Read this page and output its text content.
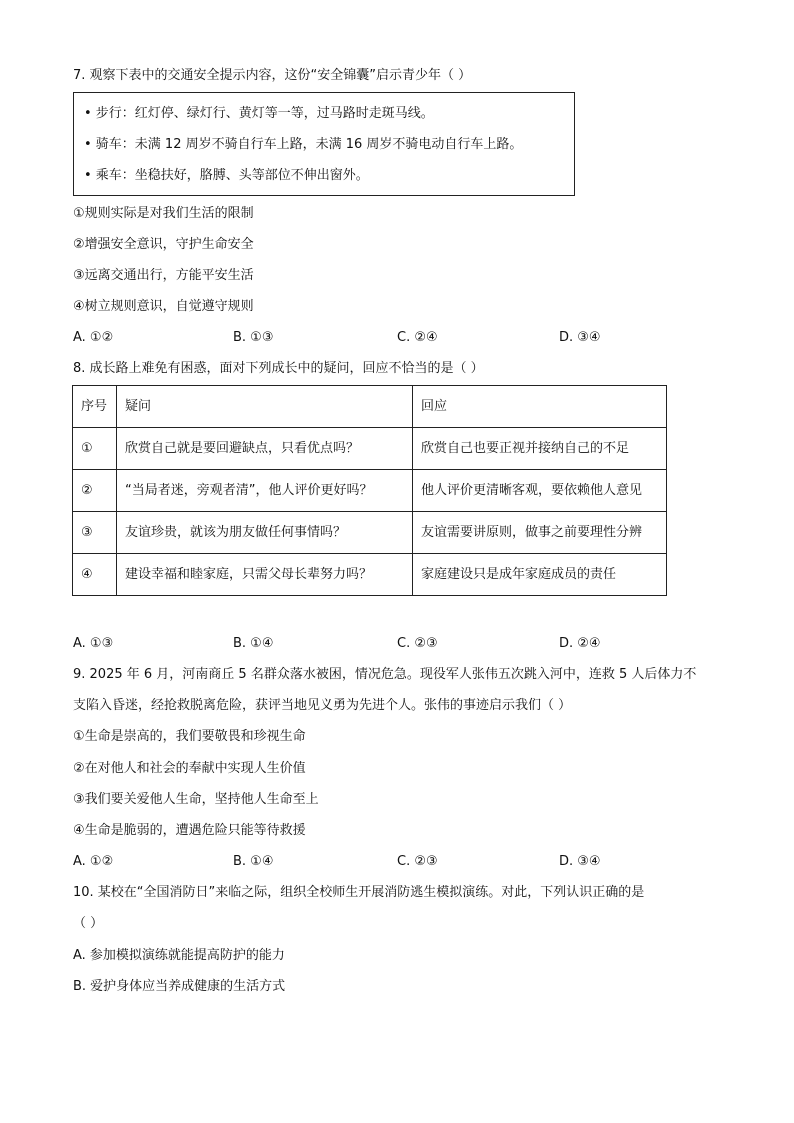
7. 观察下表中的交通安全提示内容，这份“安全锦囊”启示青少年（ ）
• 步行：红灯停、绿灯行、黄灯等一等，过马路时走斑马线。
• 骑车：未满 12 周岁不骑自行车上路，未满 16 周岁不骑电动自行车上路。
• 乘车：坐稳扶好，胳膊、头等部位不伸出窗外。
①规则实际是对我们生活的限制
②增强安全意识，守护生命安全
③远离交通出行，方能平安生活
④树立规则意识，自觉遵守规则
A. ①②	B. ①③	C. ②④	D. ③④
8. 成长路上难免有困惑，面对下列成长中的疑问，回应不恰当的是（ ）
序号	疑问	回应
①	欣赏自己就是要回避缺点，只看优点吗？	欣赏自己也要正视并接纳自己的不足
②	“当局者迷，旁观者清”，他人评价更好吗？	他人评价更清晰客观，要依赖他人意见
③	友谊珍贵，就该为朋友做任何事情吗？	友谊需要讲原则，做事之前要理性分辨
④	建设幸福和睦家庭，只需父母长辈努力吗？	家庭建设只是成年家庭成员的责任
A. ①③	B. ①④	C. ②③	D. ②④
9. 2025 年 6 月，河南商丘 5 名群众落水被困，情况危急。现役军人张伟五次跳入河中，连救 5 人后体力不
支陷入昏迷，经抢救脱离危险，获评当地见义勇为先进个人。张伟的事迹启示我们（ ）
①生命是崇高的，我们要敬畏和珍视生命
②在对他人和社会的奉献中实现人生价值
③我们要关爱他人生命，坚持他人生命至上
④生命是脆弱的，遭遇危险只能等待救援
A. ①②	B. ①④	C. ②③	D. ③④
10. 某校在“全国消防日”来临之际，组织全校师生开展消防逃生模拟演练。对此，下列认识正确的是
（ ）
A. 参加模拟演练就能提高防护的能力
B. 爱护身体应当养成健康的生活方式
